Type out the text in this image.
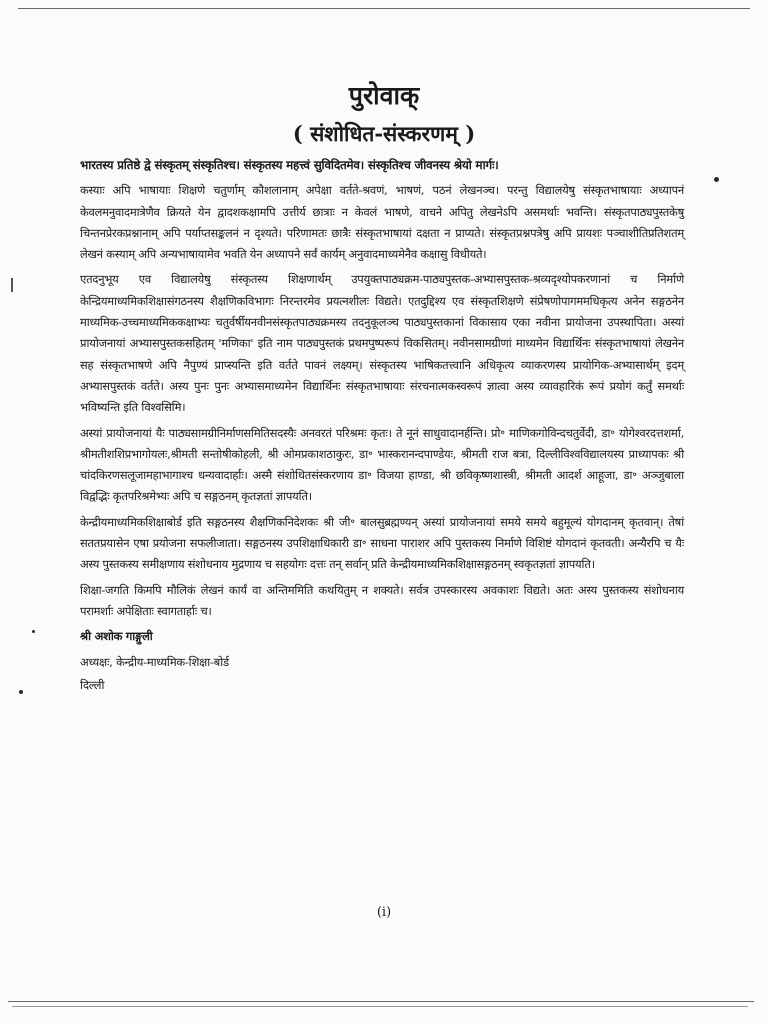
पुरोवाक्
( संशोधित-संस्करणम् )

भारतस्य प्रतिष्ठे द्वे संस्कृतम् संस्कृतिश्च। संस्कृतस्य महत्त्वं सुविदितमेव। संस्कृतिश्च जीवनस्य श्रेयो मार्गः।

कस्याः अपि भाषायाः शिक्षणे चतुर्णाम् कौशलानाम् अपेक्षा वर्तते-श्रवणं, भाषणं, पठनं लेखनञ्च। परन्तु विद्यालयेषु संस्कृतभाषायाः अध्यापनं केवलमनुवादमात्रेणैव क्रियते येन द्वादशकक्षामपि उत्तीर्य छात्राः न केवलं भाषणे, वाचने अपितु लेखनेऽपि असमर्थाः भवन्ति। संस्कृतपाठ्यपुस्तकेषु चिन्तनप्रेरकप्रश्नानाम् अपि पर्याप्तसङ्कलनं न दृश्यते। परिणामतः छात्रैः संस्कृतभाषायां दक्षता न प्राप्यते। संस्कृतप्रश्नपत्रेषु अपि प्रायशः पञ्चाशीतिप्रतिशतम् लेखनं कस्याम् अपि अन्यभाषायामेव भवति येन अध्यापने सर्वं कार्यम् अनुवादमाध्यमेनैव कक्षासु विधीयते।

एतदनुभूय एव विद्यालयेषु संस्कृतस्य शिक्षणार्थम् उपयुक्तपाठ्यक्रम-पाठ्यपुस्तक-अभ्यासपुस्तक-श्रव्यदृश्योपकरणानां च निर्माणे केन्द्रियमाध्यमिकशिक्षासंगठनस्य शैक्षणिकविभागः निरन्तरमेव प्रयत्नशीलः विद्यते। एतदुद्दिश्य एव संस्कृतशिक्षणे संप्रेषणोपागममधिकृत्य अनेन सङ्गठनेन माध्यमिक-उच्चमाध्यमिककक्षाभ्यः चतुर्वर्षीयनवीनसंस्कृतपाठ्यक्रमस्य तदनुकूलञ्च पाठ्यपुस्तकानां विकासाय एका नवीना प्रायोजना उपस्थापिता। अस्यां प्रायोजनायां अभ्यासपुस्तकसहितम् 'मणिका' इति नाम पाठ्यपुस्तकं प्रथमपुष्परूपं विकसितम्। नवीनसामग्रीणां माध्यमेन विद्यार्थिनः संस्कृतभाषायां लेखनेन सह संस्कृतभाषणे अपि नैपुण्यं प्राप्स्यन्ति इति वर्तते पावनं लक्ष्यम्। संस्कृतस्य भाषिकतत्त्वानि अधिकृत्य व्याकरणस्य प्रायोगिक-अभ्यासार्थम् इदम् अभ्यासपुस्तकं वर्तते। अस्य पुनः पुनः अभ्यासमाध्यमेन विद्यार्थिनः संस्कृतभाषायाः संरचनात्मकस्वरूपं ज्ञात्वा अस्य व्यावहारिकं रूपं प्रयोगं कर्तुं समर्थाः भविष्यन्ति इति विश्वसिमि।

अस्यां प्रायोजनायां यैः पाठ्यसामग्रीनिर्माणसमितिसदस्यैः अनवरतं परिश्रमः कृतः। ते नूनं साधुवादानर्हन्ति। प्रो॰ माणिकगोविन्दचतुर्वेदी, डा॰ योगेश्वरदत्तशर्मा, श्रीमतीशशिप्रभागोयलः,श्रीमती सन्तोषीकोहली, श्री ओमप्रकाशठाकुरः, डा॰ भास्करानन्दपाण्डेयः, श्रीमती राज बत्रा, दिल्लीविश्वविद्यालयस्य प्राध्यापकः श्री चांदकिरणसलूजामहाभागाश्च धन्यवादार्हाः। अस्मै संशोधितसंस्करणाय डा॰ विजया हाण्डा, श्री छविकृष्णशास्त्री, श्रीमती आदर्श आहूजा, डा॰ अञ्जुबाला विद्वद्भिः कृतपरिश्रमेभ्यः अपि च सङ्गठनम् कृतज्ञतां ज्ञापयति।

केन्द्रीयमाध्यमिकशिक्षाबोर्ड इति सङ्गठनस्य शैक्षणिकनिदेशकः श्री जी॰ बालसुब्रह्मण्यन् अस्यां प्रायोजनायां समये समये बहुमूल्यं योगदानम् कृतवान्। तेषां सततप्रयासेन एषा प्रयोजना सफलीजाता। सङ्गठनस्य उपशिक्षाधिकारी डा॰ साधना पाराशर अपि पुस्तकस्य निर्माणे विशिष्टं योगदानं कृतवती। अन्यैरपि च यैः अस्य पुस्तकस्य समीक्षणाय संशोधनाय मुद्रणाय च सहयोगः दत्तः तन् सर्वान् प्रति केन्द्रीयमाध्यमिकशिक्षासङ्गठनम् स्वकृतज्ञतां ज्ञापयति।

शिक्षा-जगति किमपि मौलिकं लेखनं कार्यं वा अन्तिममिति कथयितुम् न शक्यते। सर्वत्र उपस्कारस्य अवकाशः विद्यते। अतः अस्य पुस्तकस्य संशोधनाय परामर्शाः अपेक्षिताः स्वागतार्हाः च।

श्री अशोक गाङ्गुली

अध्यक्षः, केन्द्रीय-माध्यमिक-शिक्षा-बोर्ड

दिल्ली

(i)
